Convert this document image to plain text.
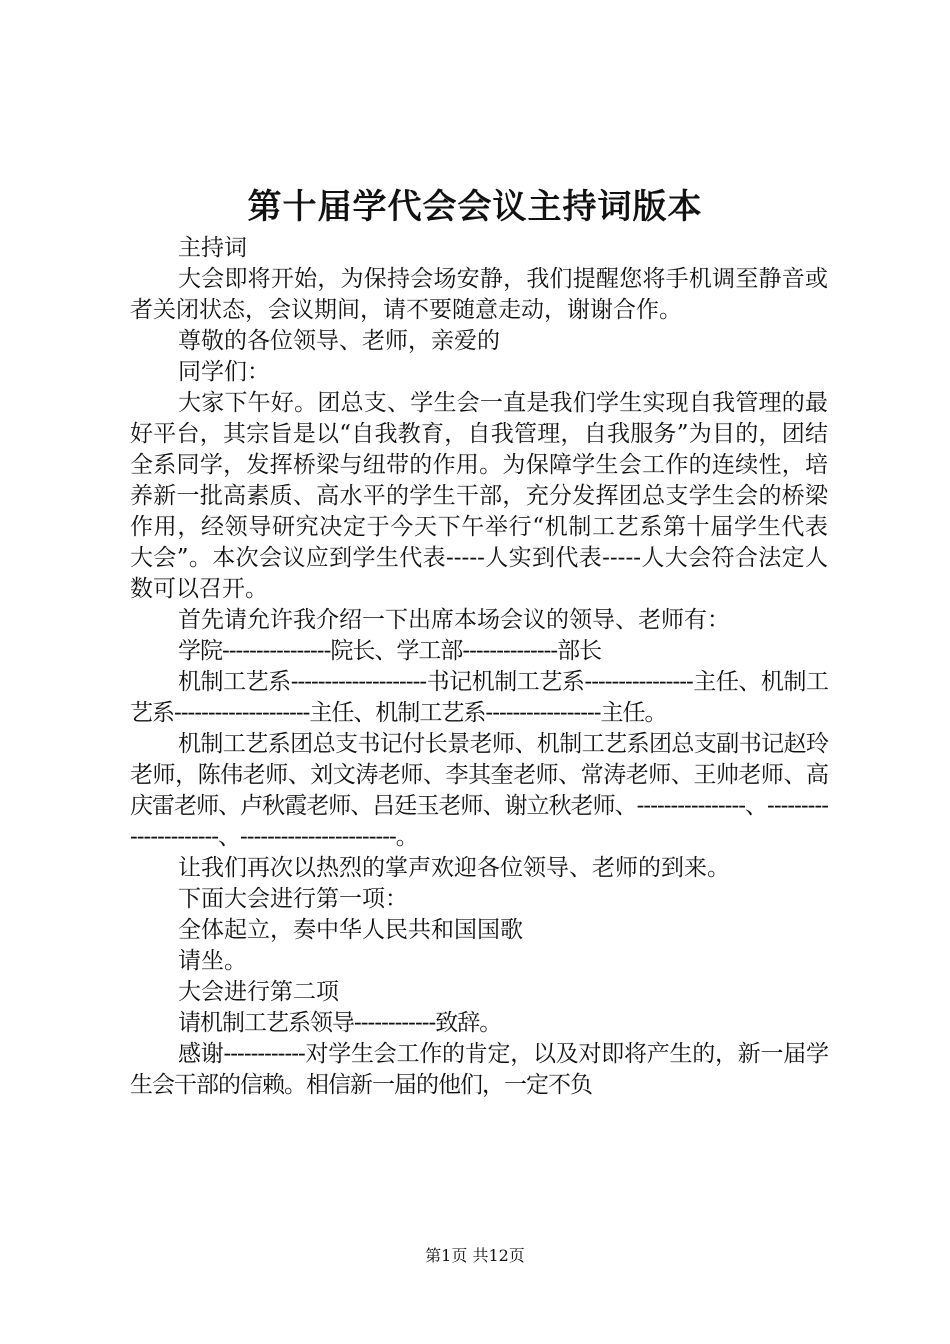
第十届学代会会议主持词版本

主持词

大会即将开始，为保持会场安静，我们提醒您将手机调至静音或者关闭状态，会议期间，请不要随意走动，谢谢合作。

尊敬的各位领导、老师，亲爱的

同学们：

大家下午好。团总支、学生会一直是我们学生实现自我管理的最好平台，其宗旨是以“自我教育，自我管理，自我服务”为目的，团结全系同学，发挥桥梁与纽带的作用。为保障学生会工作的连续性，培养新一批高素质、高水平的学生干部，充分发挥团总支学生会的桥梁作用，经领导研究决定于今天下午举行“机制工艺系第十届学生代表大会”。本次会议应到学生代表-----人实到代表-----人大会符合法定人数可以召开。

首先请允许我介绍一下出席本场会议的领导、老师有：

学院----------------院长、学工部--------------部长

机制工艺系--------------------书记机制工艺系----------------主任、机制工艺系--------------------主任、机制工艺系-----------------主任。

机制工艺系团总支书记付长景老师、机制工艺系团总支副书记赵玲老师，陈伟老师、刘文涛老师、李其奎老师、常涛老师、王帅老师、高庆雷老师、卢秋霞老师、吕廷玉老师、谢立秋老师、----------------、----------------------、-----------------------。

让我们再次以热烈的掌声欢迎各位领导、老师的到来。

下面大会进行第一项：

全体起立，奏中华人民共和国国歌

请坐。

大会进行第二项

请机制工艺系领导------------致辞。

感谢------------对学生会工作的肯定，以及对即将产生的，新一届学生会干部的信赖。相信新一届的他们，一定不负

第1页 共12页
